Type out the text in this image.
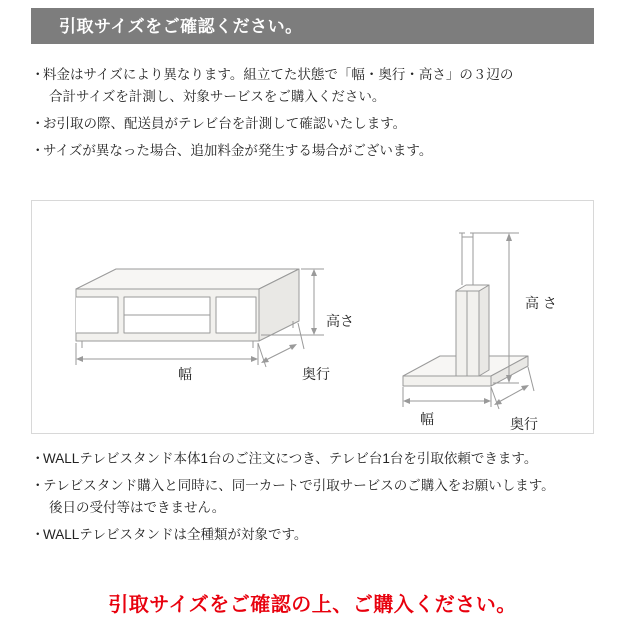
引取サイズをご確認ください。
・
料金はサイズにより異なります。組立てた状態で「幅・奥行・高さ」の３辺の
合計サイズを計測し、対象サービスをご購入ください。
・
お引取の際、配送員がテレビ台を計測して確認いたします。
・
サイズが異なった場合、追加料金が発生する場合がございます。
高さ
幅	奥行
高 さ
幅	奥行
・
WALLテレビスタンド本体1台のご注文につき、テレビ台1台を引取依頼できます。
・
テレビスタンド購入と同時に、同一カートで引取サービスのご購入をお願いします。
後日の受付等はできません。
・
WALLテレビスタンドは全種類が対象です。
引取サイズをご確認の上、ご購入ください。
